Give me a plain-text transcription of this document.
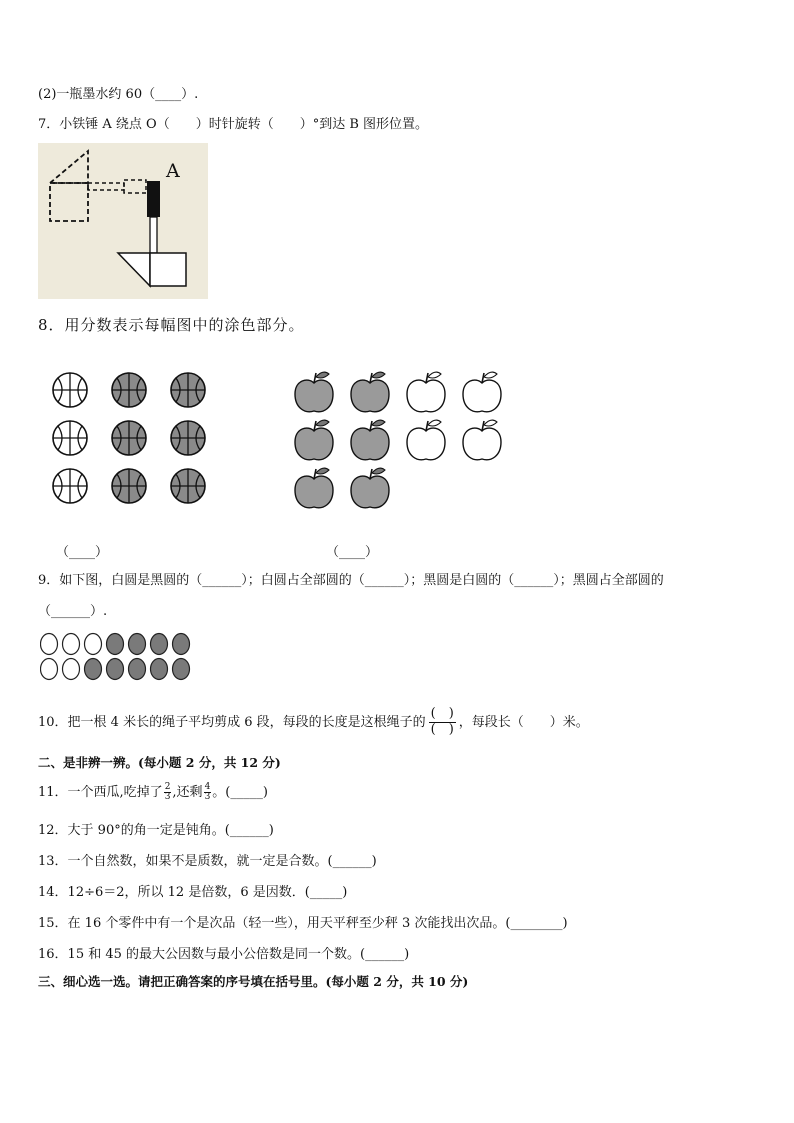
(2)一瓶墨水约 60（____）.
7．小铁锤 A 绕点 O（　　）时针旋转（　　）°到达 B 图形位置。
A
8．用分数表示每幅图中的涂色部分。
（____）	（____）
9．如下图，白圆是黑圆的（______）；白圆占全部圆的（______）；黑圆是白圆的（______）；黑圆占全部圆的
（______）.
10．把一根 4 米长的绳子平均剪成 6 段，每段的长度是这根绳子的
(　)
(　) ，每段长（　　）米。
二、是非辨一辨。(每小题 2 分，共 12 分)
11．一个西瓜,吃掉了 $\frac{2}{3}$ ,还剩 $\frac{4}{3}$ 。(_____)
12．大于 90°的角一定是钝角。(______)
13．一个自然数，如果不是质数，就一定是合数。(______)
14．12÷6＝2，所以 12 是倍数，6 是因数．(_____)
15．在 16 个零件中有一个是次品（轻一些），用天平秤至少秤 3 次能找出次品。(________)
16．15 和 45 的最大公因数与最小公倍数是同一个数。(______)
三、细心选一选。请把正确答案的序号填在括号里。(每小题 2 分，共 10 分)
